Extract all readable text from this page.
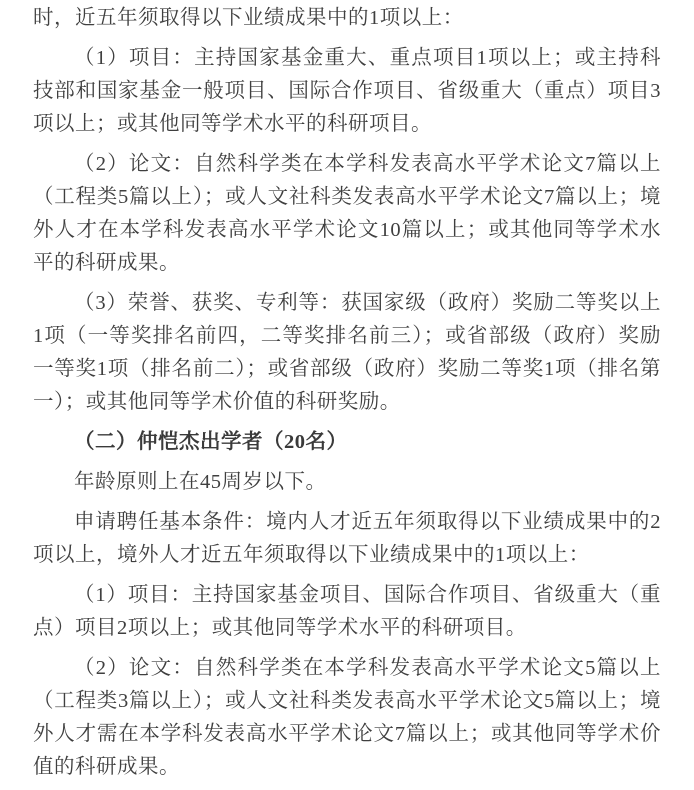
时，近五年须取得以下业绩成果中的1项以上：

（1）项目：主持国家基金重大、重点项目1项以上；或主持科技部和国家基金一般项目、国际合作项目、省级重大（重点）项目3项以上；或其他同等学术水平的科研项目。

（2）论文：自然科学类在本学科发表高水平学术论文7篇以上（工程类5篇以上）；或人文社科类发表高水平学术论文7篇以上；境外人才在本学科发表高水平学术论文10篇以上；或其他同等学术水平的科研成果。

（3）荣誉、获奖、专利等：获国家级（政府）奖励二等奖以上1项（一等奖排名前四，二等奖排名前三）；或省部级（政府）奖励一等奖1项（排名前二）；或省部级（政府）奖励二等奖1项（排名第一）；或其他同等学术价值的科研奖励。

（二）仲恺杰出学者（20名）

年龄原则上在45周岁以下。

申请聘任基本条件：境内人才近五年须取得以下业绩成果中的2项以上，境外人才近五年须取得以下业绩成果中的1项以上：

（1）项目：主持国家基金项目、国际合作项目、省级重大（重点）项目2项以上；或其他同等学术水平的科研项目。

（2）论文：自然科学类在本学科发表高水平学术论文5篇以上（工程类3篇以上）；或人文社科类发表高水平学术论文5篇以上；境外人才需在本学科发表高水平学术论文7篇以上；或其他同等学术价值的科研成果。
